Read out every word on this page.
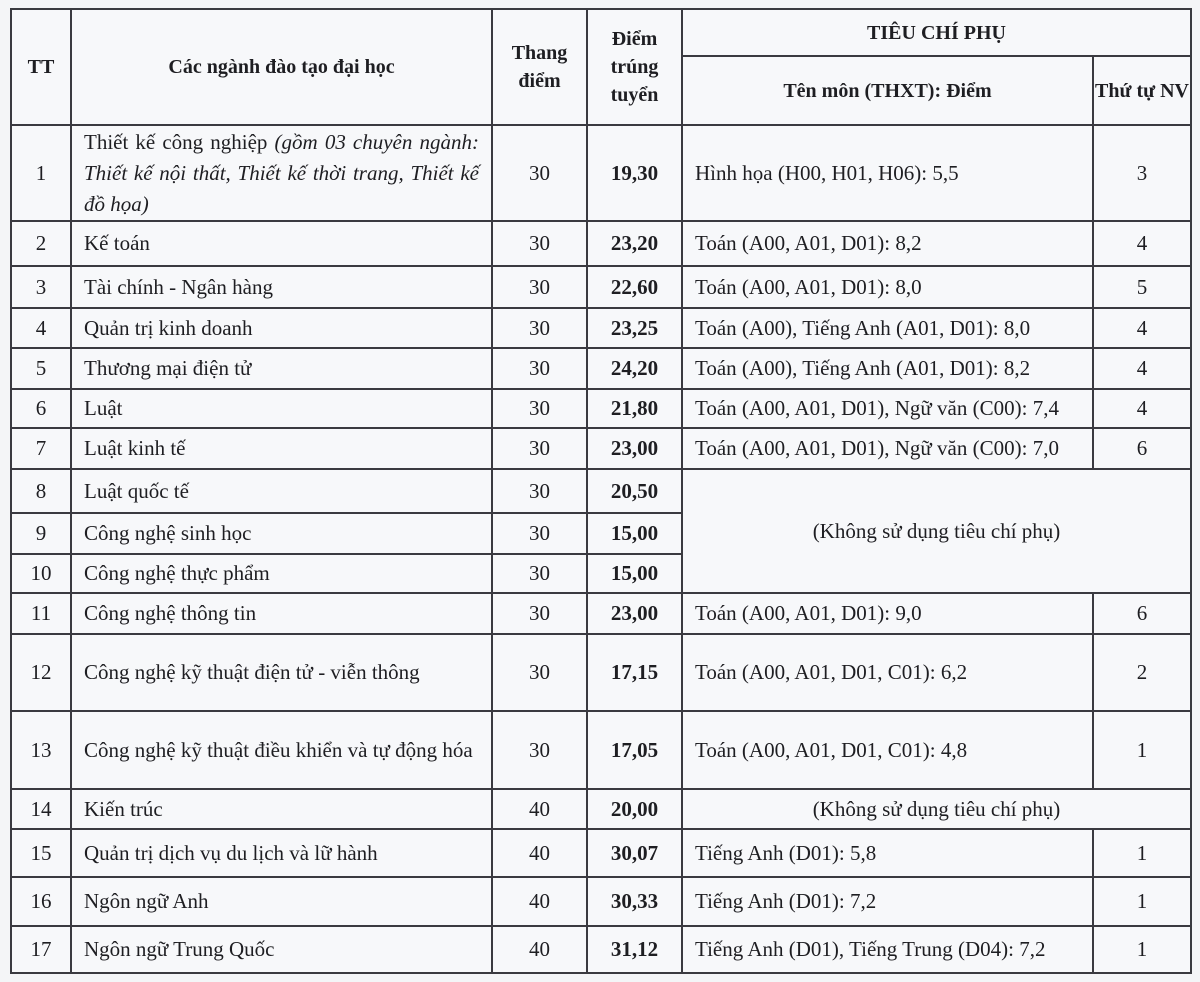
TT	Các ngành đào tạo đại học	Thang điểm	Điểm trúng tuyển	TIÊU CHÍ PHỤ	
				Tên môn (THXT): Điểm	Thứ tự NV
1	Thiết kế công nghiệp (gồm 03 chuyên ngành: Thiết kế nội thất, Thiết kế thời trang, Thiết kế đồ họa)	30	19,30	Hình họa (H00, H01, H06): 5,5	3
2	Kế toán	30	23,20	Toán (A00, A01, D01): 8,2	4
3	Tài chính - Ngân hàng	30	22,60	Toán (A00, A01, D01): 8,0	5
4	Quản trị kinh doanh	30	23,25	Toán (A00), Tiếng Anh (A01, D01): 8,0	4
5	Thương mại điện tử	30	24,20	Toán (A00), Tiếng Anh (A01, D01): 8,2	4
6	Luật	30	21,80	Toán (A00, A01, D01), Ngữ văn (C00): 7,4	4
7	Luật kinh tế	30	23,00	Toán (A00, A01, D01), Ngữ văn (C00): 7,0	6
8	Luật quốc tế	30	20,50	(Không sử dụng tiêu chí phụ)	
9	Công nghệ sinh học	30	15,00		
10	Công nghệ thực phẩm	30	15,00		
11	Công nghệ thông tin	30	23,00	Toán (A00, A01, D01): 9,0	6
12	Công nghệ kỹ thuật điện tử - viễn thông	30	17,15	Toán (A00, A01, D01, C01): 6,2	2
13	Công nghệ kỹ thuật điều khiển và tự động hóa	30	17,05	Toán (A00, A01, D01, C01): 4,8	1
14	Kiến trúc	40	20,00	(Không sử dụng tiêu chí phụ)	
15	Quản trị dịch vụ du lịch và lữ hành	40	30,07	Tiếng Anh (D01): 5,8	1
16	Ngôn ngữ Anh	40	30,33	Tiếng Anh (D01): 7,2	1
17	Ngôn ngữ Trung Quốc	40	31,12	Tiếng Anh (D01), Tiếng Trung (D04): 7,2	1
